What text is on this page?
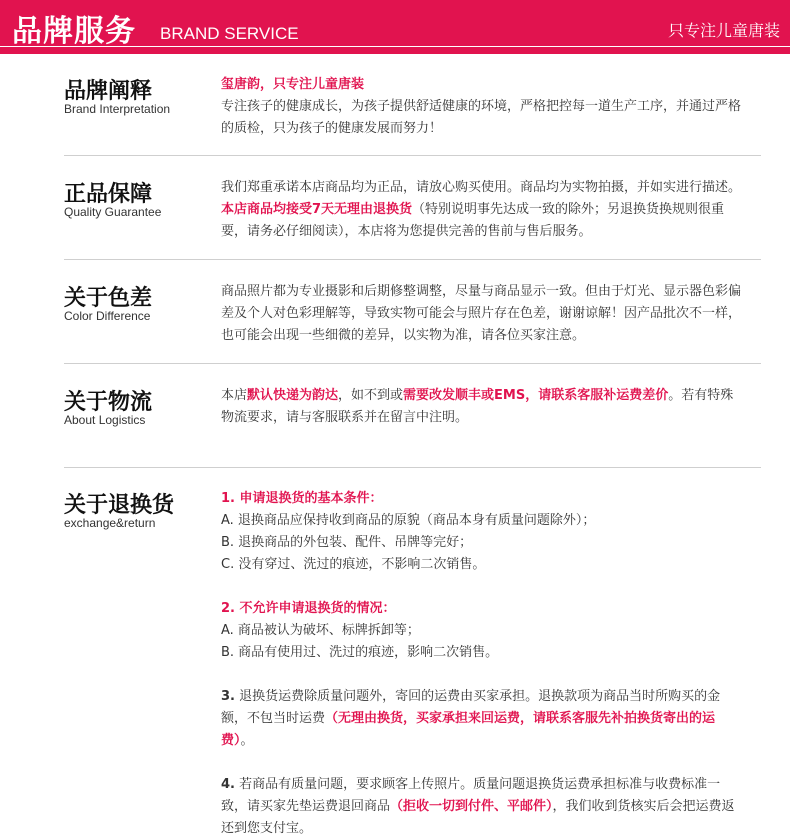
品牌服务 BRAND SERVICE	只专注儿童唐装
品牌阐释
Brand Interpretation
玺唐韵，只专注儿童唐装
专注孩子的健康成长，为孩子提供舒适健康的环境，严格把控每一道生产工序，并通过严格的质检，只为孩子的健康发展而努力！
正品保障
Quality Guarantee
我们郑重承诺本店商品均为正品，请放心购买使用。商品均为实物拍摄，并如实进行描述。本店商品均接受7天无理由退换货（特别说明事先达成一致的除外；另退换货换规则很重要，请务必仔细阅读），本店将为您提供完善的售前与售后服务。
关于色差
Color Difference
商品照片都为专业摄影和后期修整调整，尽量与商品显示一致。但由于灯光、显示器色彩偏差及个人对色彩理解等，导致实物可能会与照片存在色差，谢谢谅解！因产品批次不一样，也可能会出现一些细微的差异，以实物为准，请各位买家注意。
关于物流
About Logistics
本店默认快递为韵达，如不到或需要改发顺丰或EMS，请联系客服补运费差价。若有特殊物流要求，请与客服联系并在留言中注明。
关于退换货
exchange&return
1. 申请退换货的基本条件：
A. 退换商品应保持收到商品的原貌（商品本身有质量问题除外）；
B. 退换商品的外包装、配件、吊牌等完好；
C. 没有穿过、洗过的痕迹，不影响二次销售。
2. 不允许申请退换货的情况：
A. 商品被认为破坏、标牌拆卸等；
B. 商品有使用过、洗过的痕迹，影响二次销售。
3. 退换货运费除质量问题外，寄回的运费由买家承担。退换款项为商品当时所购买的金额，不包当时运费（无理由换货，买家承担来回运费，请联系客服先补拍换货寄出的运费）。
4. 若商品有质量问题，要求顾客上传照片。质量问题退换货运费承担标准与收费标准一致，请买家先垫运费退回商品（拒收一切到付件、平邮件），我们收到货核实后会把运费返还到您支付宝。
